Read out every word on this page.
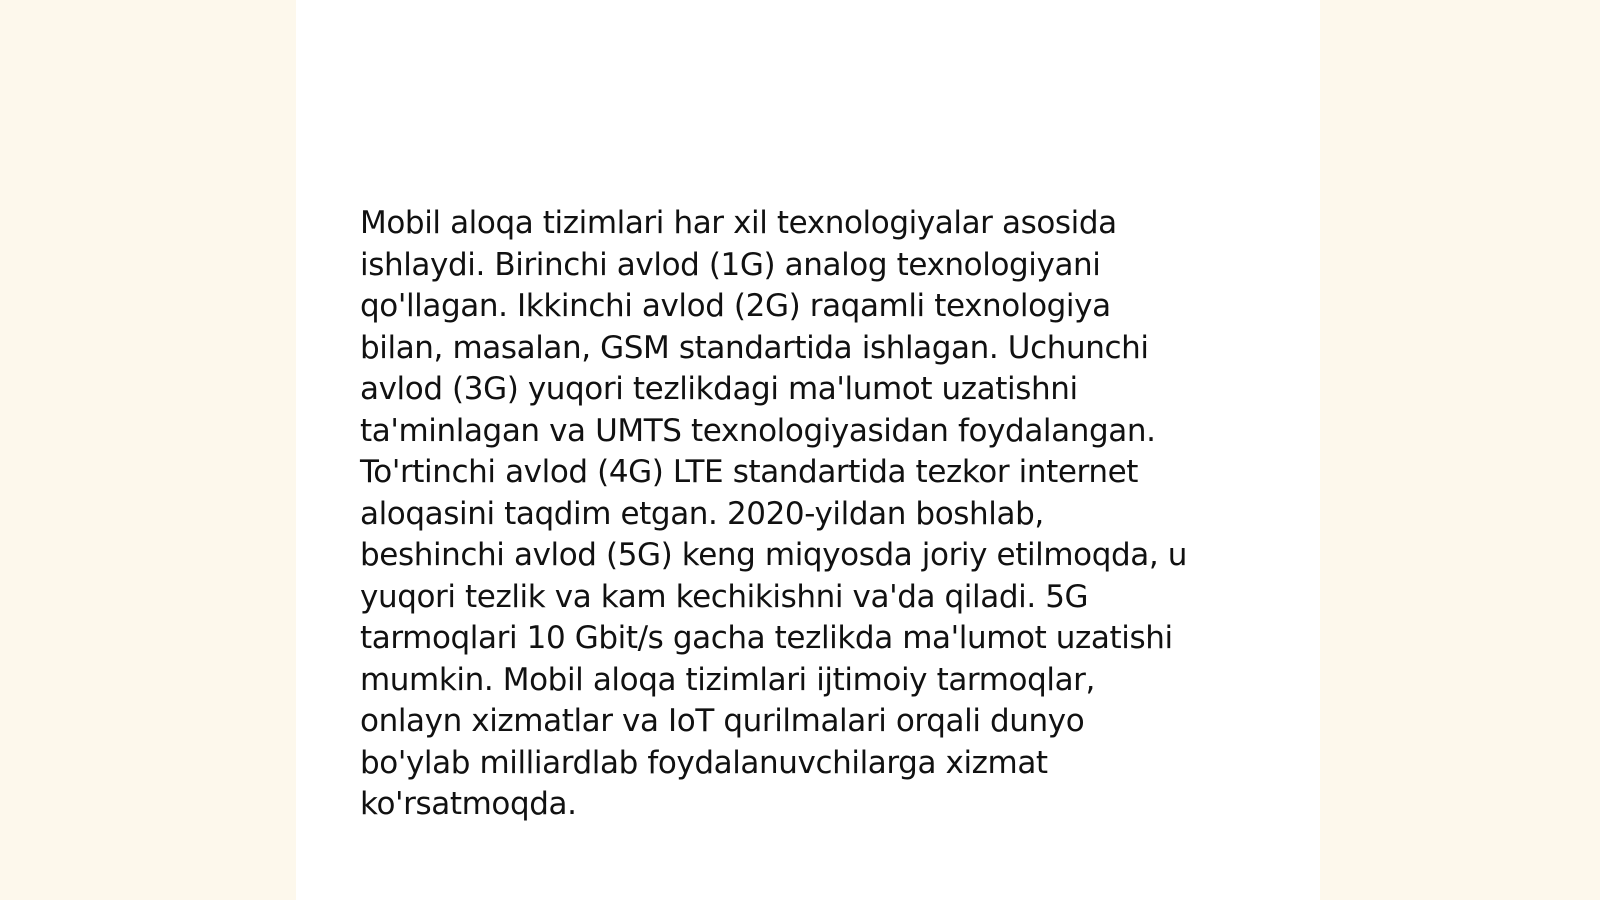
Mobil aloqa tizimlari har xil texnologiyalar asosida
ishlaydi. Birinchi avlod (1G) analog texnologiyani
qo'llagan. Ikkinchi avlod (2G) raqamli texnologiya
bilan, masalan, GSM standartida ishlagan. Uchunchi
avlod (3G) yuqori tezlikdagi ma'lumot uzatishni
ta'minlagan va UMTS texnologiyasidan foydalangan.
To'rtinchi avlod (4G) LTE standartida tezkor internet
aloqasini taqdim etgan. 2020-yildan boshlab,
beshinchi avlod (5G) keng miqyosda joriy etilmoqda, u
yuqori tezlik va kam kechikishni va'da qiladi. 5G
tarmoqlari 10 Gbit/s gacha tezlikda ma'lumot uzatishi
mumkin. Mobil aloqa tizimlari ijtimoiy tarmoqlar,
onlayn xizmatlar va IoT qurilmalari orqali dunyo
bo'ylab milliardlab foydalanuvchilarga xizmat
ko'rsatmoqda.
